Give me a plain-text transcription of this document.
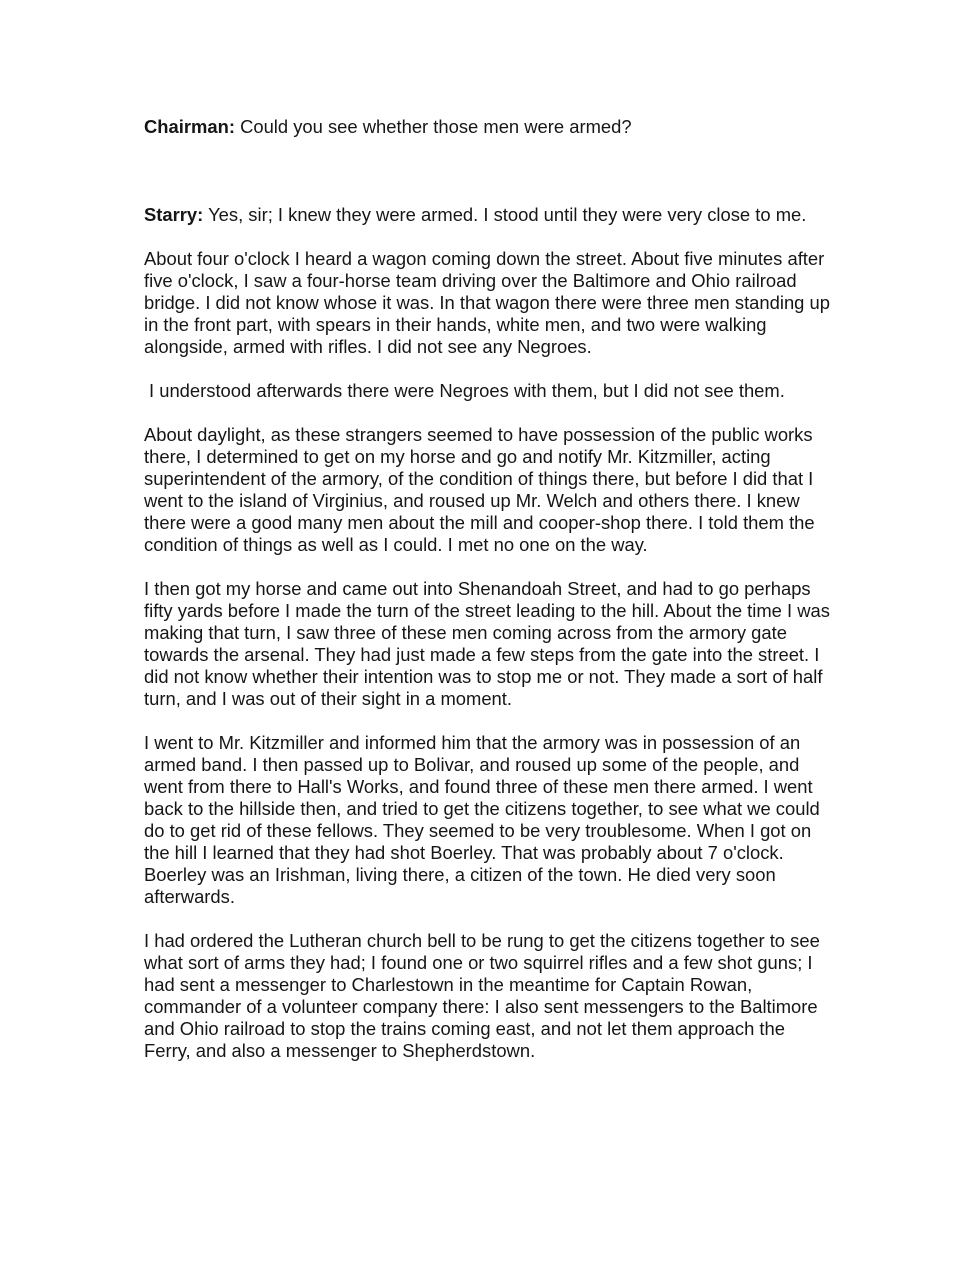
Chairman: Could you see whether those men were armed?

Starry: Yes, sir; I knew they were armed. I stood until they were very close to me.

About four o'clock I heard a wagon coming down the street. About five minutes after five o'clock, I saw a four-horse team driving over the Baltimore and Ohio railroad bridge. I did not know whose it was. In that wagon there were three men standing up in the front part, with spears in their hands, white men, and two were walking alongside, armed with rifles. I did not see any Negroes.

I understood afterwards there were Negroes with them, but I did not see them.

About daylight, as these strangers seemed to have possession of the public works there, I determined to get on my horse and go and notify Mr. Kitzmiller, acting superintendent of the armory, of the condition of things there, but before I did that I went to the island of Virginius, and roused up Mr. Welch and others there. I knew there were a good many men about the mill and cooper-shop there. I told them the condition of things as well as I could. I met no one on the way.

I then got my horse and came out into Shenandoah Street, and had to go perhaps fifty yards before I made the turn of the street leading to the hill. About the time I was making that turn, I saw three of these men coming across from the armory gate towards the arsenal. They had just made a few steps from the gate into the street. I did not know whether their intention was to stop me or not. They made a sort of half turn, and I was out of their sight in a moment.

I went to Mr. Kitzmiller and informed him that the armory was in possession of an armed band. I then passed up to Bolivar, and roused up some of the people, and went from there to Hall's Works, and found three of these men there armed. I went back to the hillside then, and tried to get the citizens together, to see what we could do to get rid of these fellows. They seemed to be very troublesome. When I got on the hill I learned that they had shot Boerley. That was probably about 7 o'clock. Boerley was an Irishman, living there, a citizen of the town. He died very soon afterwards.

I had ordered the Lutheran church bell to be rung to get the citizens together to see what sort of arms they had; I found one or two squirrel rifles and a few shot guns; I had sent a messenger to Charlestown in the meantime for Captain Rowan, commander of a volunteer company there: I also sent messengers to the Baltimore and Ohio railroad to stop the trains coming east, and not let them approach the Ferry, and also a messenger to Shepherdstown.
